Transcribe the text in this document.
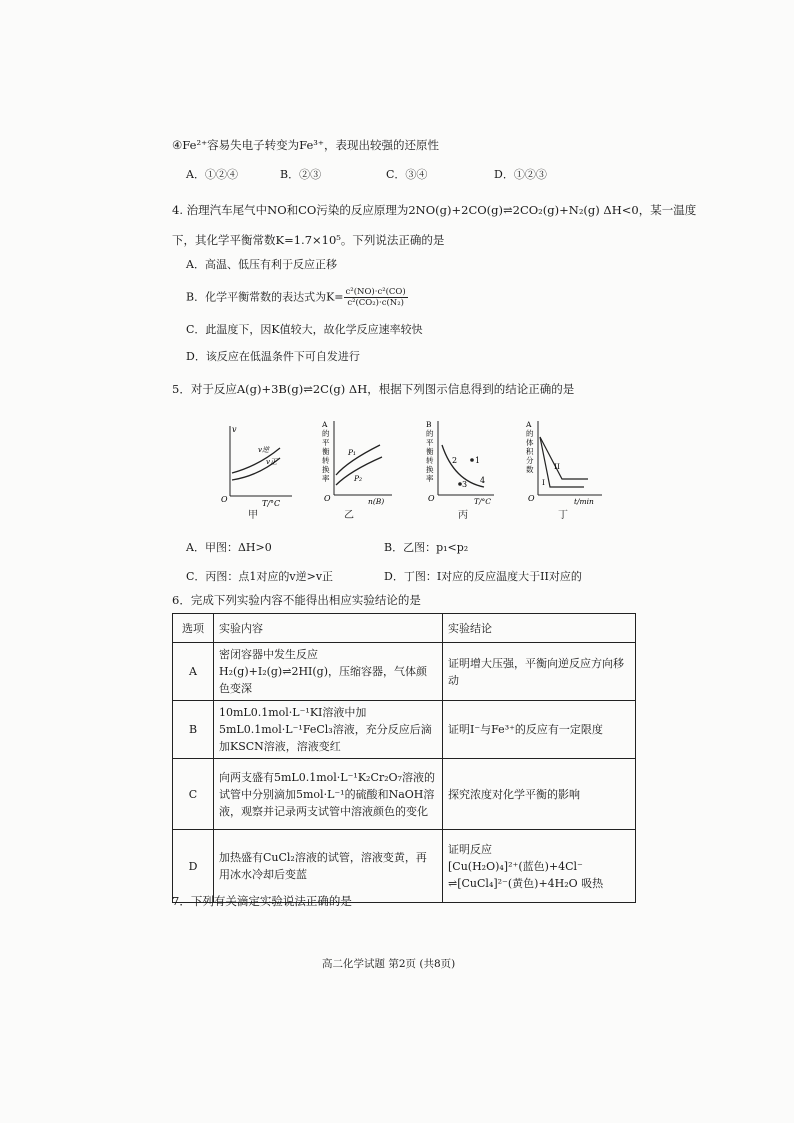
④Fe²⁺容易失电子转变为Fe³⁺，表现出较强的还原性
A．①②④	B．②③	C．③④	D．①②③
4. 治理汽车尾气中NO和CO污染的反应原理为2NO(g)+2CO(g)⇌2CO₂(g)+N₂(g) ΔH<0，某一温度
下，其化学平衡常数K=1.7×10⁵。下列说法正确的是
A．高温、低压有利于反应正移
B．化学平衡常数的表达式为$K= \frac{\text{c²(NO)·c²(CO)}}{\text{c²(CO₂)·c(N₂)}}$
C．此温度下，因K值较大，故化学反应速率较快
D．该反应在低温条件下可自发进行
5．对于反应A(g)+3B(g)⇌2C(g) ΔH，根据下列图示信息得到的结论正确的是
v
v逆
v正
O	T/°C
甲
A 的平衡转换率
P₁
P₂
O	n(B)
乙
B 的平衡转换率
1
2
3 4
O	T/°C
丙
A 的体积分数
I
II
O	t/min
丁
A．甲图：ΔH>0	B．乙图：p₁<p₂
C．丙图：点1对应的v逆>v正	D．丁图：I对应的反应温度大于II对应的
6．完成下列实验内容不能得出相应实验结论的是
选项	实验内容	实验结论
A	密闭容器中发生反应H₂(g)+I₂(g)⇌2HI(g)，压缩容器，气体颜色变深	证明增大压强，平衡向逆反应方向移动
B	10mL0.1mol·L⁻¹KI溶液中加5mL0.1mol·L⁻¹FeCl₃溶液，充分反应后滴加KSCN溶液，溶液变红	证明I⁻与Fe³⁺的反应有一定限度
C	向两支盛有5mL0.1mol·L⁻¹K₂Cr₂O₇溶液的试管中分别滴加5mol·L⁻¹的硫酸和NaOH溶液，观察并记录两支试管中溶液颜色的变化	探究浓度对化学平衡的影响
D	加热盛有CuCl₂溶液的试管，溶液变黄，再用冰水冷却后变蓝	证明反应
[Cu(H₂O)₄]²⁺(蓝色)+4Cl⁻
⇌[CuCl₄]²⁻(黄色)+4H₂O 吸热
7．下列有关滴定实验说法正确的是
高二化学试题 第2页 (共8页)
